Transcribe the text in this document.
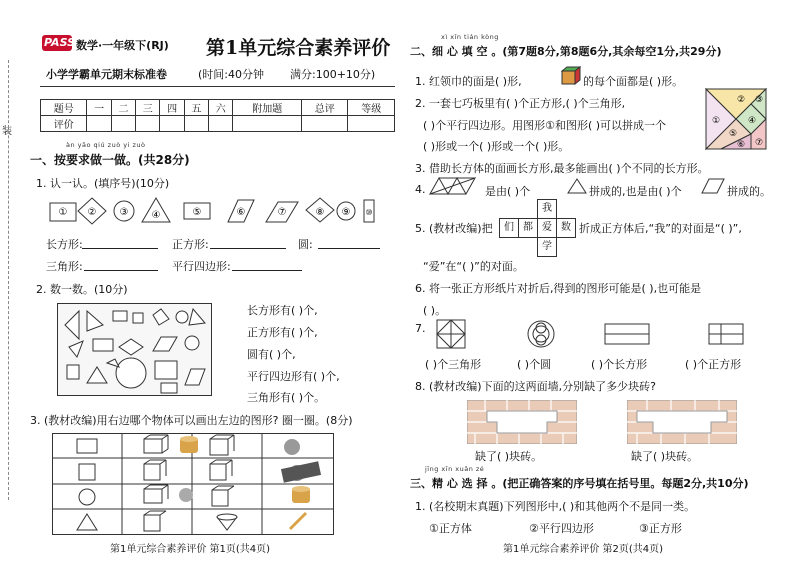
装
PASS 数学·一年级下(RJ) 第1单元综合素养评价
小学学霸单元期末标准卷	(时间:40分钟 满分:100+10分)
题号	一	二	三	四	五	六	附加题	总评	等级
评价									
àn yāo qiú zuò yi zuò
一、按要求做一做。(共28分)
1. 认一认。(填序号)(10分)
① ② ③ ④	⑤	⑥	⑦	⑧ ⑨ ⑩
长方形:	正方形:	圆:
三角形:	平行四边形:
2. 数一数。(10分)
长方形有( )个,
正方形有( )个,
圆有( )个,
平行四边形有( )个,
三角形有( )个。
3. (教材改编)用右边哪个物体可以画出左边的图形? 圈一圈。(8分)
第1单元综合素养评价 第1页(共4页)
xì xīn tián kòng
二、细 心 填 空 。(第7题8分,第8题6分,其余每空1分,共29分)
1. 红领巾的面是( )形,	的每个面都是( )形。
2. 一套七巧板里有( )个正方形,( )个三角形,
( )个平行四边形。用图形①和图形( )可以拼成一个
( )形或一个( )形或一个( )形。
② ③
①	④
⑤
⑥ ⑦
3. 借助长方体的面画长方形,最多能画出( )个不同的长方形。
4.	是由( )个	拼成的,也是由( )个	拼成的。
5. (教材改编)把	们 都 爱 数
我
学
折成正方体后,“我”的对面是“( )”,
“爱”在“( )”的对面。
6. 将一张正方形纸片对折后,得到的图形可能是( ),也可能是
( )。
7.
( )个三角形	( )个圆	( )个长方形	( )个正方形
8. (教材改编)下面的这两面墙,分别缺了多少块砖?
缺了( )块砖。	缺了( )块砖。
jīng xīn xuǎn zé
三、精 心 选 择 。(把正确答案的序号填在括号里。每题2分,共10分)
1. (名校期末真题)下列图形中,( )和其他两个不是同一类。
①正方体	②平行四边形	③正方形
第1单元综合素养评价 第2页(共4页)
